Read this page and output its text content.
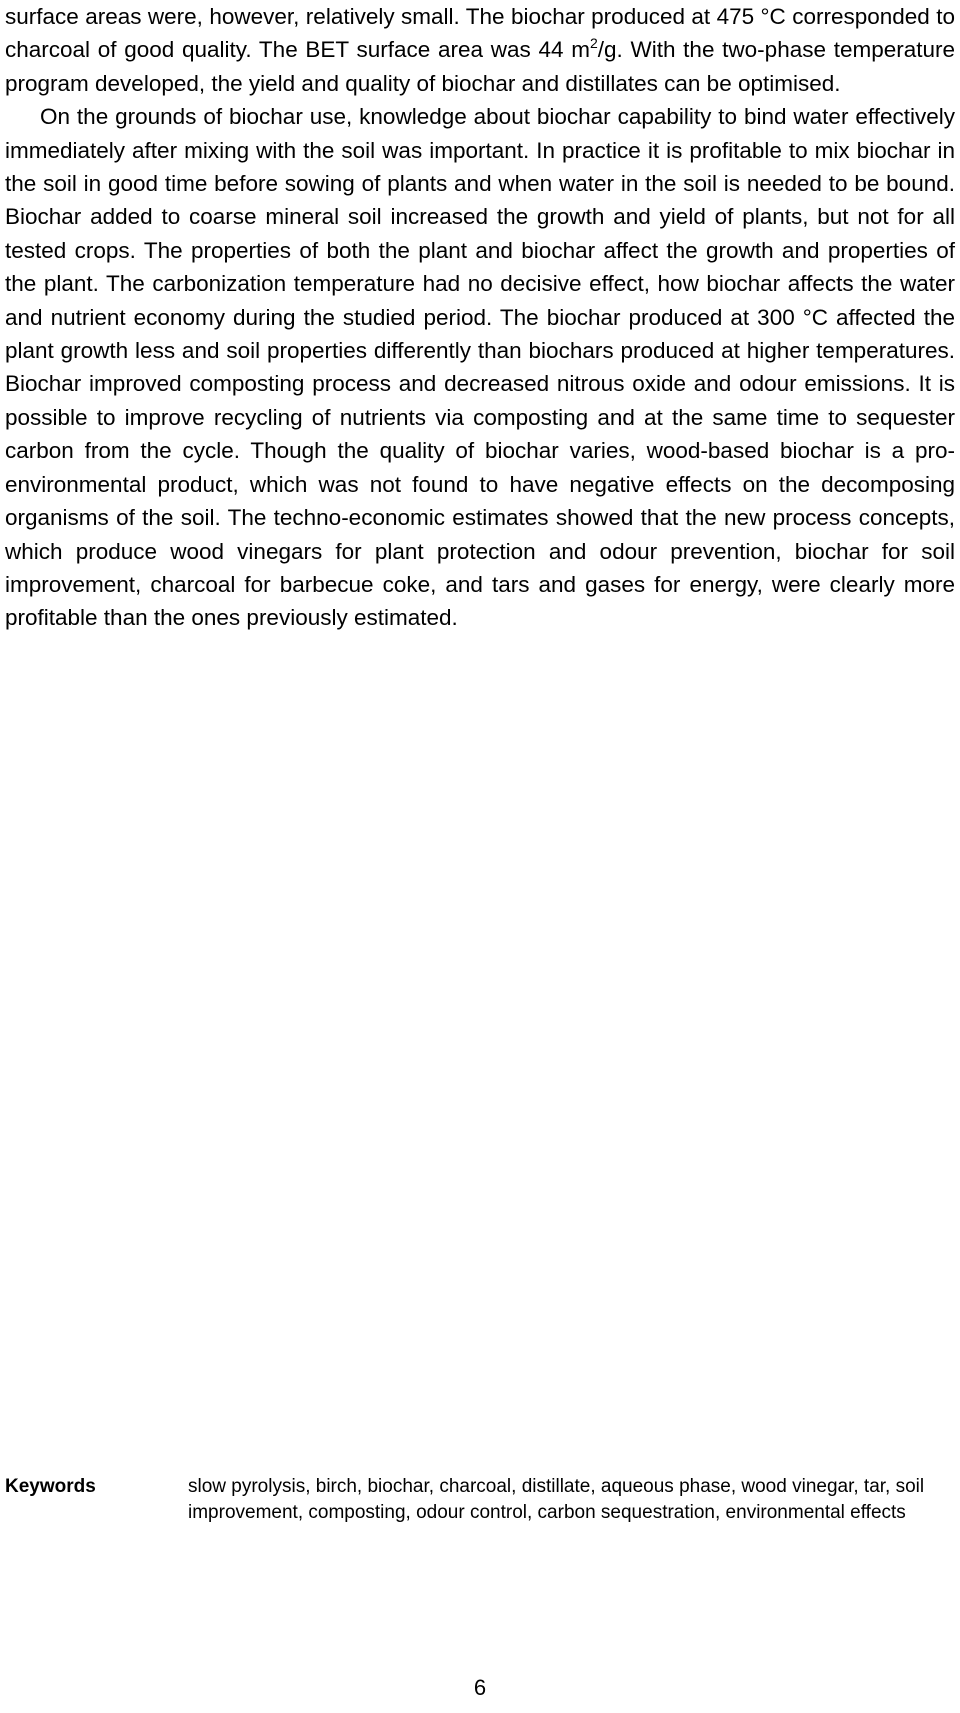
surface areas were, however, relatively small. The biochar produced at 475 °C corresponded to charcoal of good quality. The BET surface area was 44 $m^2/g$. With the two-phase temperature program developed, the yield and quality of biochar and distillates can be optimised.

On the grounds of biochar use, knowledge about biochar capability to bind water effectively immediately after mixing with the soil was important. In practice it is profitable to mix biochar in the soil in good time before sowing of plants and when water in the soil is needed to be bound. Biochar added to coarse mineral soil increased the growth and yield of plants, but not for all tested crops. The properties of both the plant and biochar affect the growth and properties of the plant. The carbonization temperature had no decisive effect, how biochar affects the water and nutrient economy during the studied period. The biochar produced at 300 °C affected the plant growth less and soil properties differently than biochars produced at higher temperatures. Biochar improved composting process and decreased nitrous oxide and odour emissions. It is possible to improve recycling of nutrients via composting and at the same time to sequester carbon from the cycle. Though the quality of biochar varies, wood-based biochar is a pro-environmental product, which was not found to have negative effects on the decomposing organisms of the soil. The techno-economic estimates showed that the new process concepts, which produce wood vinegars for plant protection and odour prevention, biochar for soil improvement, charcoal for barbecue coke, and tars and gases for energy, were clearly more profitable than the ones previously estimated.

Keywords	slow pyrolysis, birch, biochar, charcoal, distillate, aqueous phase, wood vinegar, tar, soil improvement, composting, odour control, carbon sequestration, environmental effects
6
